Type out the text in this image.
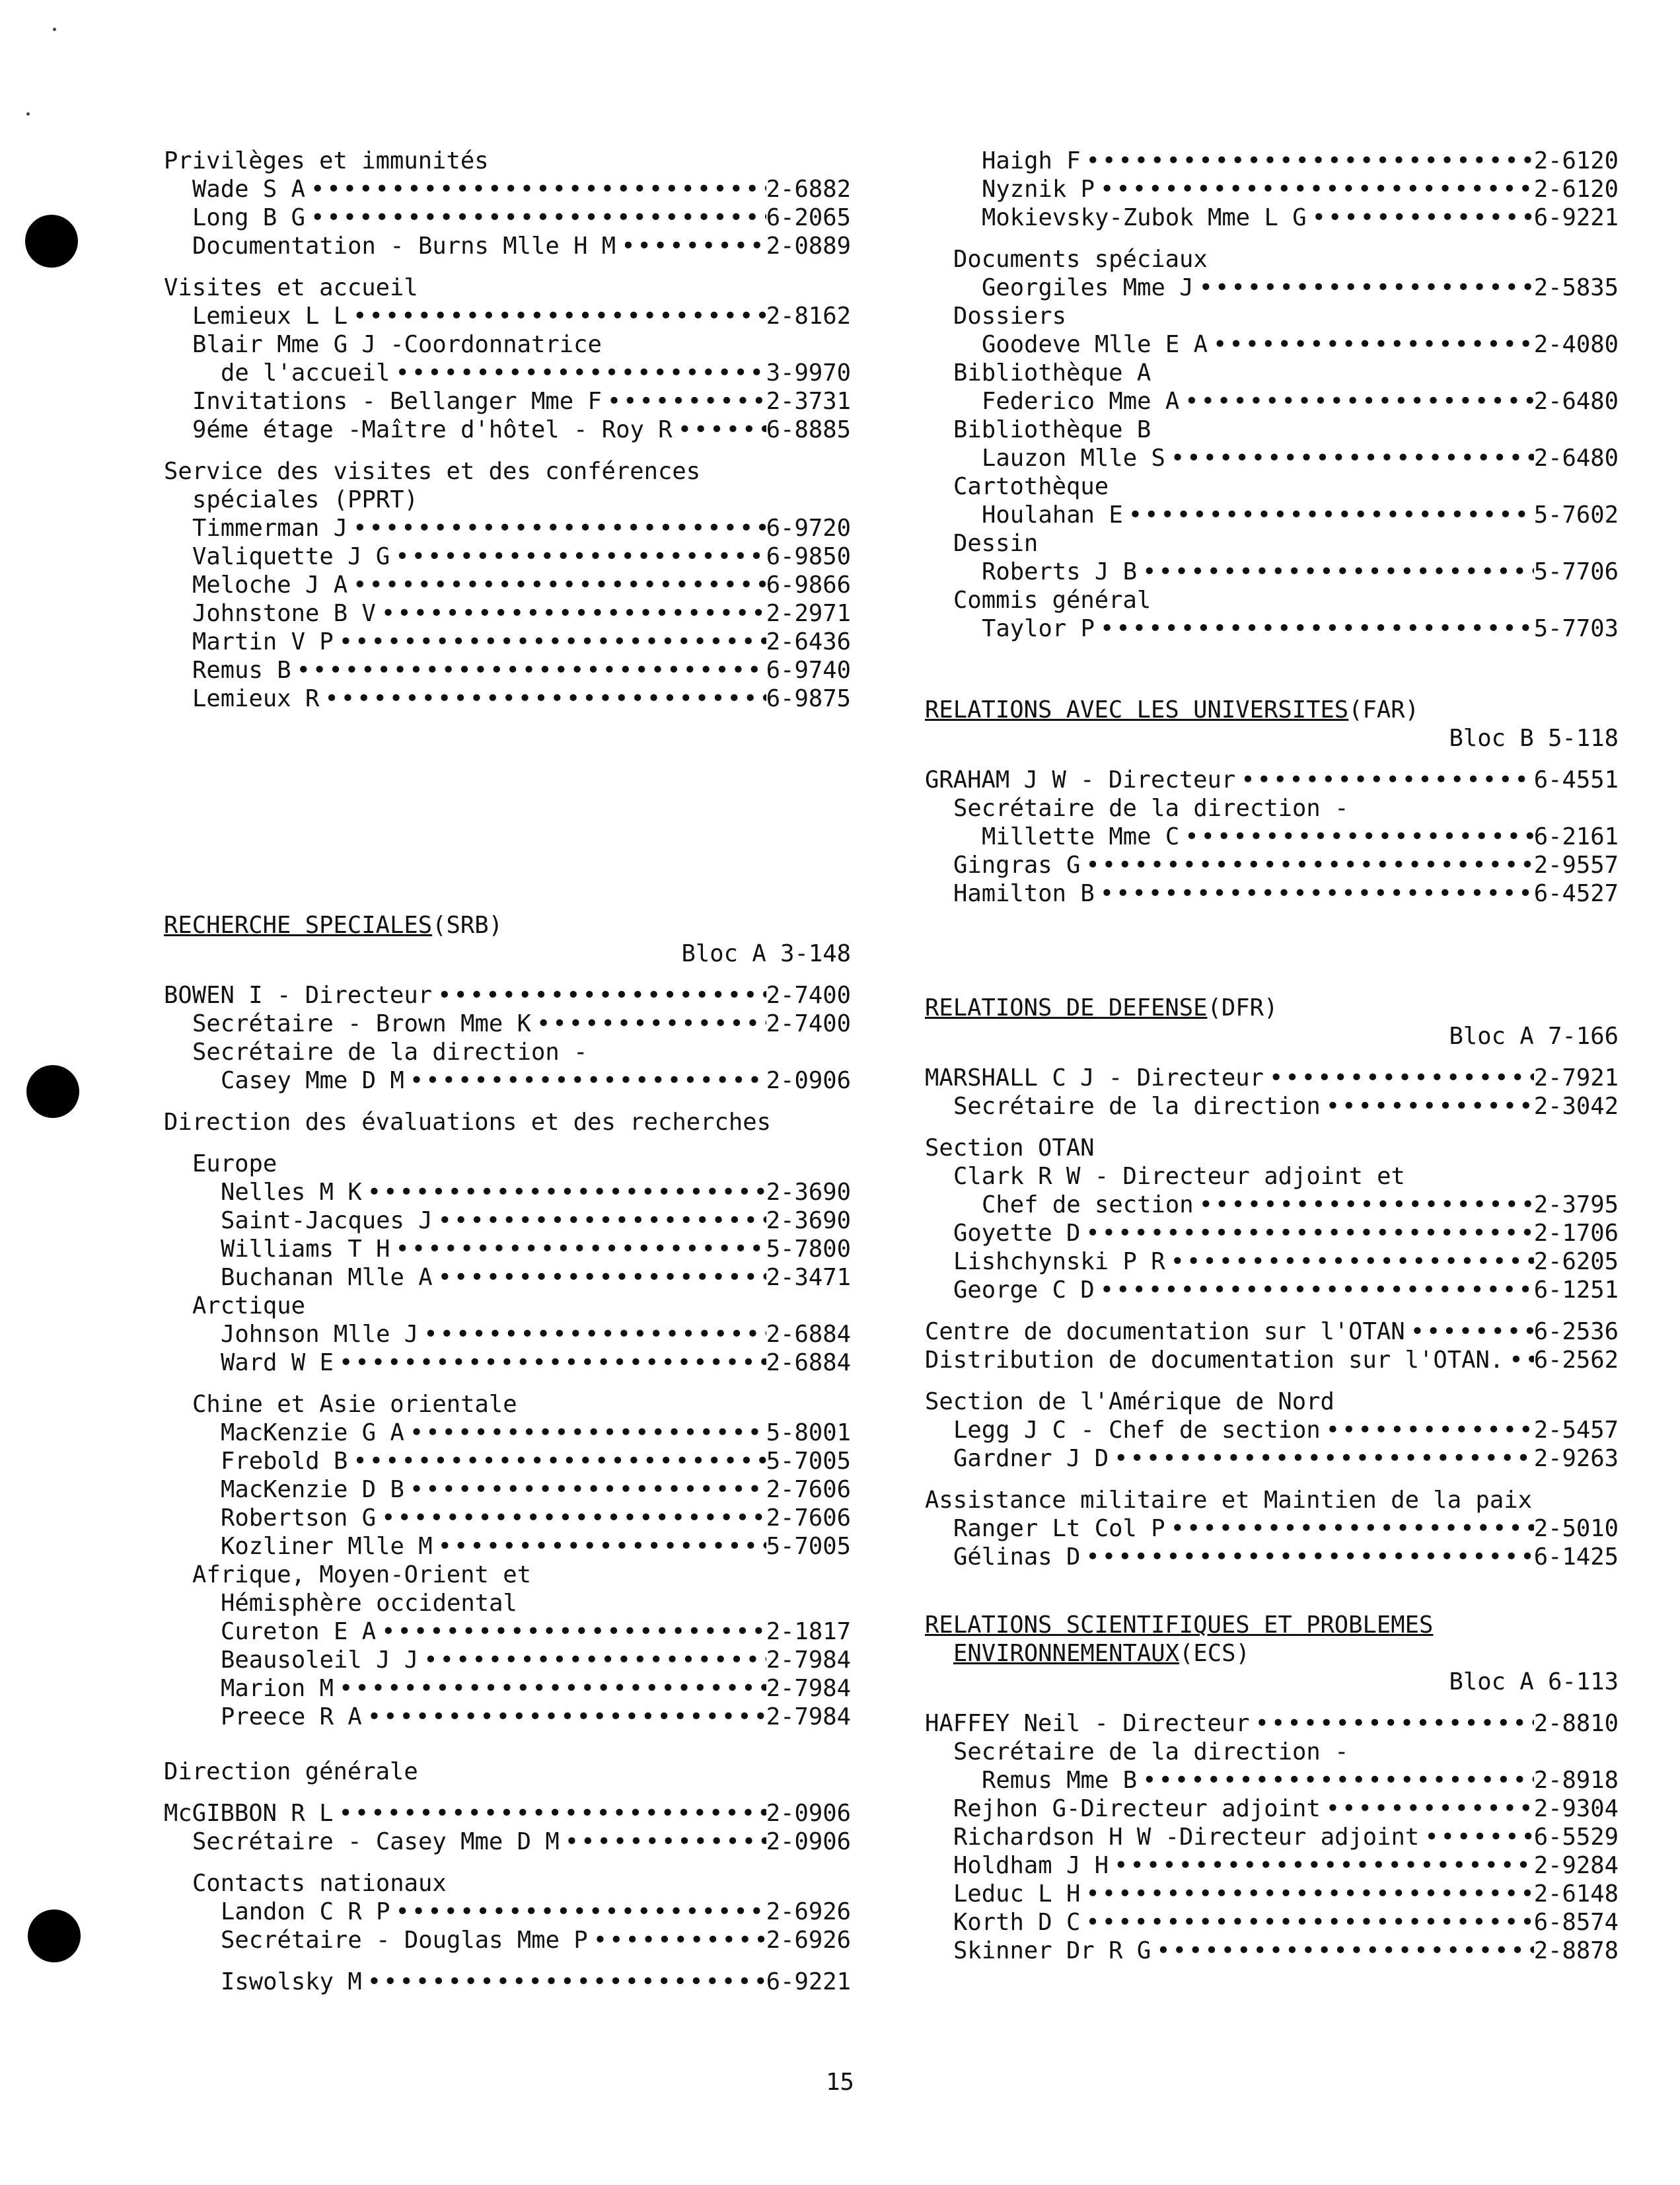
Privilèges et immunités
Wade S A •••••	2-6882
Long B G •••••	6-2065
Documentation - Burns Mlle H M •••••	2-0889
Visites et accueil
Lemieux L L •••••	2-8162
Blair Mme G J -Coordonnatrice
de l'accueil •••••	3-9970
Invitations - Bellanger Mme F •••••	2-3731
9éme étage -Maître d'hôtel - Roy R •••••	6-8885
Service des visites et des conférences
spéciales (PPRT)
Timmerman J •••••	6-9720
Valiquette J G •••••	6-9850
Meloche J A •••••	6-9866
Johnstone B V •••••	2-2971
Martin V P •••••	2-6436
Remus B •••••	6-9740
Lemieux R •••••	6-9875
RECHERCHE SPECIALES (SRB)
Bloc A 3-148
BOWEN I - Directeur •••••	2-7400
Secrétaire - Brown Mme K •••••	2-7400
Secrétaire de la direction -
Casey Mme D M •••••	2-0906
Direction des évaluations et des recherches
Europe
Nelles M K •••••	2-3690
Saint-Jacques J •••••	2-3690
Williams T H •••••	5-7800
Buchanan Mlle A •••••	2-3471
Arctique
Johnson Mlle J •••••	2-6884
Ward W E •••••	2-6884
Chine et Asie orientale
MacKenzie G A •••••	5-8001
Frebold B •••••	5-7005
MacKenzie D B •••••	2-7606
Robertson G •••••	2-7606
Kozliner Mlle M •••••	5-7005
Afrique, Moyen-Orient et
Hémisphère occidental
Cureton E A •••••	2-1817
Beausoleil J J •••••	2-7984
Marion M •••••	2-7984
Preece R A •••••	2-7984
Direction générale
McGIBBON R L •••••	2-0906
Secrétaire - Casey Mme D M •••••	2-0906
Contacts nationaux
Landon C R P •••••	2-6926
Secrétaire - Douglas Mme P •••••	2-6926
Iswolsky M •••••	6-9221
Haigh F •••••	2-6120
Nyznik P •••••	2-6120
Mokievsky-Zubok Mme L G •••••	6-9221
Documents spéciaux
Georgiles Mme J •••••	2-5835
Dossiers
Goodeve Mlle E A •••••	2-4080
Bibliothèque A
Federico Mme A •••••	2-6480
Bibliothèque B
Lauzon Mlle S •••••	2-6480
Cartothèque
Houlahan E •••••	5-7602
Dessin
Roberts J B •••••	5-7706
Commis général
Taylor P •••••	5-7703
RELATIONS AVEC LES UNIVERSITES (FAR)
Bloc B 5-118
GRAHAM J W - Directeur •••••	6-4551
Secrétaire de la direction -
Millette Mme C •••••	6-2161
Gingras G •••••	2-9557
Hamilton B •••••	6-4527
RELATIONS DE DEFENSE (DFR)
Bloc A 7-166
MARSHALL C J - Directeur •••••	2-7921
Secrétaire de la direction •••••	2-3042
Section OTAN
Clark R W - Directeur adjoint et
Chef de section •••••	2-3795
Goyette D •••••	2-1706
Lishchynski P R •••••	2-6205
George C D •••••	6-1251
Centre de documentation sur l'OTAN •••••	6-2536
Distribution de documentation sur l'OTAN. ••••• 6-2562
Section de l'Amérique de Nord
Legg J C - Chef de section •••••	2-5457
Gardner J D •••••	2-9263
Assistance militaire et Maintien de la paix
Ranger Lt Col P •••••	2-5010
Gélinas D •••••	6-1425
RELATIONS SCIENTIFIQUES ET PROBLEMES
ENVIRONNEMENTAUX (ECS)
Bloc A 6-113
HAFFEY Neil - Directeur •••••	2-8810
Secrétaire de la direction -
Remus Mme B •••••	2-8918
Rejhon G-Directeur adjoint •••••	2-9304
Richardson H W -Directeur adjoint •••••	6-5529
Holdham J H •••••	2-9284
Leduc L H •••••	2-6148
Korth D C •••••	6-8574
Skinner Dr R G •••••	2-8878
15
